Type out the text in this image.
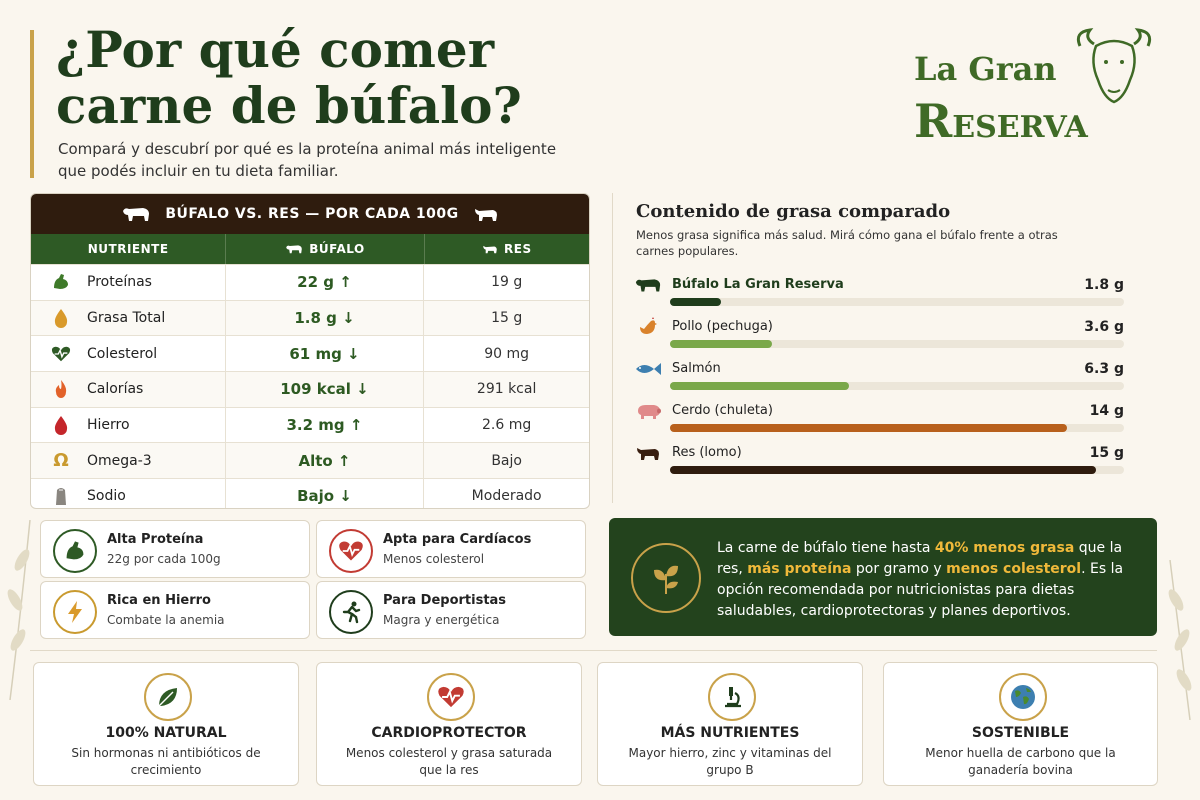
¿Por qué comer
carne de búfalo?
Compará y descubrí por qué es la proteína animal más inteligente que podés incluir en tu dieta familiar.
La Gran
RESERVA
BÚFALO VS. RES — POR CADA 100G
NUTRIENTE	BÚFALO	RES
Proteínas	22 g ↑	19 g
Grasa Total	1.8 g ↓	15 g
Colesterol	61 mg ↓	90 mg
Calorías	109 kcal ↓	291 kcal
Hierro	3.2 mg ↑	2.6 mg
Ω Omega-3	Alto ↑	Bajo
Sodio	Bajo ↓	Moderado
Alta Proteína
22g por cada 100g
Apta para Cardíacos
Menos colesterol
Rica en Hierro
Combate la anemia
Para Deportistas
Magra y energética
Contenido de grasa comparado
Menos grasa significa más salud. Mirá cómo gana el búfalo frente a otras carnes populares.
Búfalo La Gran Reserva	1.8 g
Pollo (pechuga)	3.6 g
Salmón	6.3 g
Cerdo (chuleta)	14 g
Res (lomo)	15 g
La carne de búfalo tiene hasta 40% menos grasa que la res, más proteína por gramo y menos colesterol. Es la opción recomendada por nutricionistas para dietas saludables, cardioprotectoras y planes deportivos.
100% NATURAL
Sin hormonas ni antibióticos de crecimiento
CARDIOPROTECTOR
Menos colesterol y grasa saturada que la res
MÁS NUTRIENTES
Mayor hierro, zinc y vitaminas del grupo B
SOSTENIBLE
Menor huella de carbono que la ganadería bovina
